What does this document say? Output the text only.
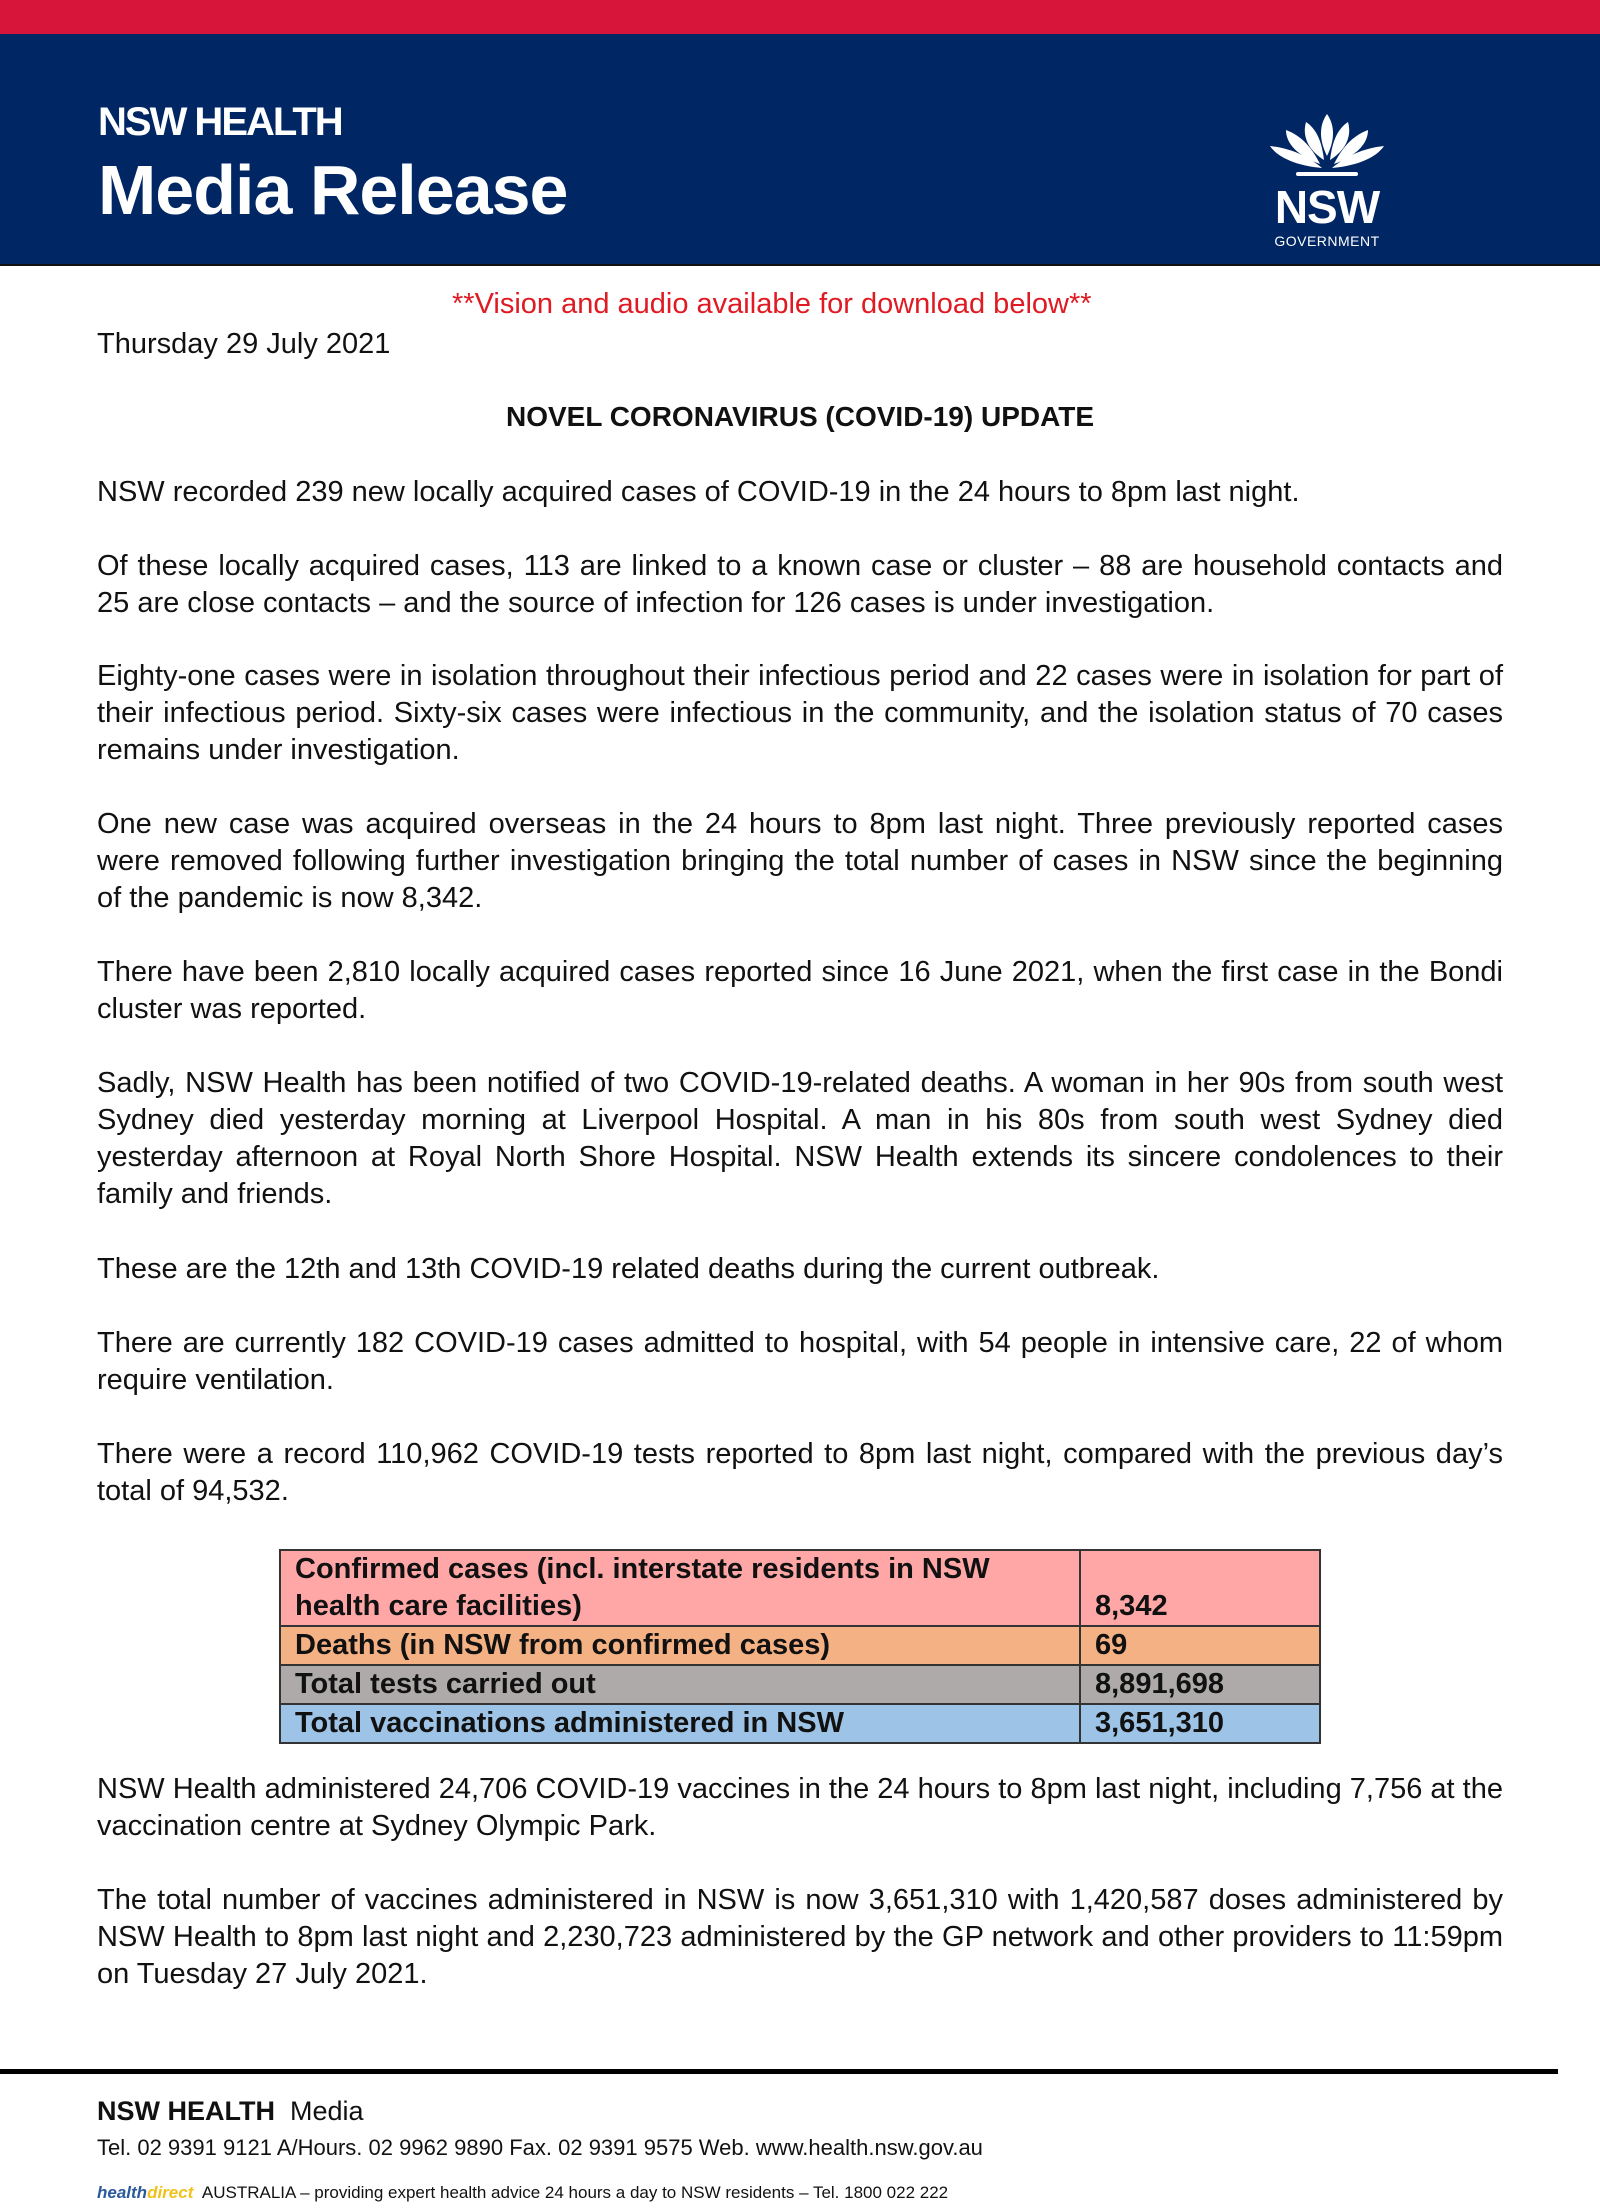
NSW HEALTH
Media Release	NSW
GOVERNMENT
**Vision and audio available for download below**
Thursday 29 July 2021
NOVEL CORONAVIRUS (COVID-19) UPDATE

NSW recorded 239 new locally acquired cases of COVID-19 in the 24 hours to 8pm last night.

Of these locally acquired cases, 113 are linked to a known case or cluster – 88 are household contacts and 25 are close contacts – and the source of infection for 126 cases is under investigation.

Eighty-one cases were in isolation throughout their infectious period and 22 cases were in isolation for part of their infectious period. Sixty-six cases were infectious in the community, and the isolation status of 70 cases remains under investigation.

One new case was acquired overseas in the 24 hours to 8pm last night. Three previously reported cases were removed following further investigation bringing the total number of cases in NSW since the beginning of the pandemic is now 8,342.

There have been 2,810 locally acquired cases reported since 16 June 2021, when the first case in the Bondi cluster was reported.

Sadly, NSW Health has been notified of two COVID-19-related deaths. A woman in her 90s from south west Sydney died yesterday morning at Liverpool Hospital. A man in his 80s from south west Sydney died yesterday afternoon at Royal North Shore Hospital. NSW Health extends its sincere condolences to their family and friends.

These are the 12th and 13th COVID-19 related deaths during the current outbreak.

There are currently 182 COVID-19 cases admitted to hospital, with 54 people in intensive care, 22 of whom require ventilation.

There were a record 110,962 COVID-19 tests reported to 8pm last night, compared with the previous day’s total of 94,532.

Confirmed cases (incl. interstate residents in NSW health care facilities)	8,342
Deaths (in NSW from confirmed cases)	69
Total tests carried out	8,891,698
Total vaccinations administered in NSW	3,651,310

NSW Health administered 24,706 COVID-19 vaccines in the 24 hours to 8pm last night, including 7,756 at the vaccination centre at Sydney Olympic Park.

The total number of vaccines administered in NSW is now 3,651,310 with 1,420,587 doses administered by NSW Health to 8pm last night and 2,230,723 administered by the GP network and other providers to 11:59pm on Tuesday 27 July 2021.

NSW HEALTH Media
Tel. 02 9391 9121 A/Hours. 02 9962 9890 Fax. 02 9391 9575 Web. www.health.nsw.gov.au
healthdirect AUSTRALIA – providing expert health advice 24 hours a day to NSW residents – Tel. 1800 022 222
